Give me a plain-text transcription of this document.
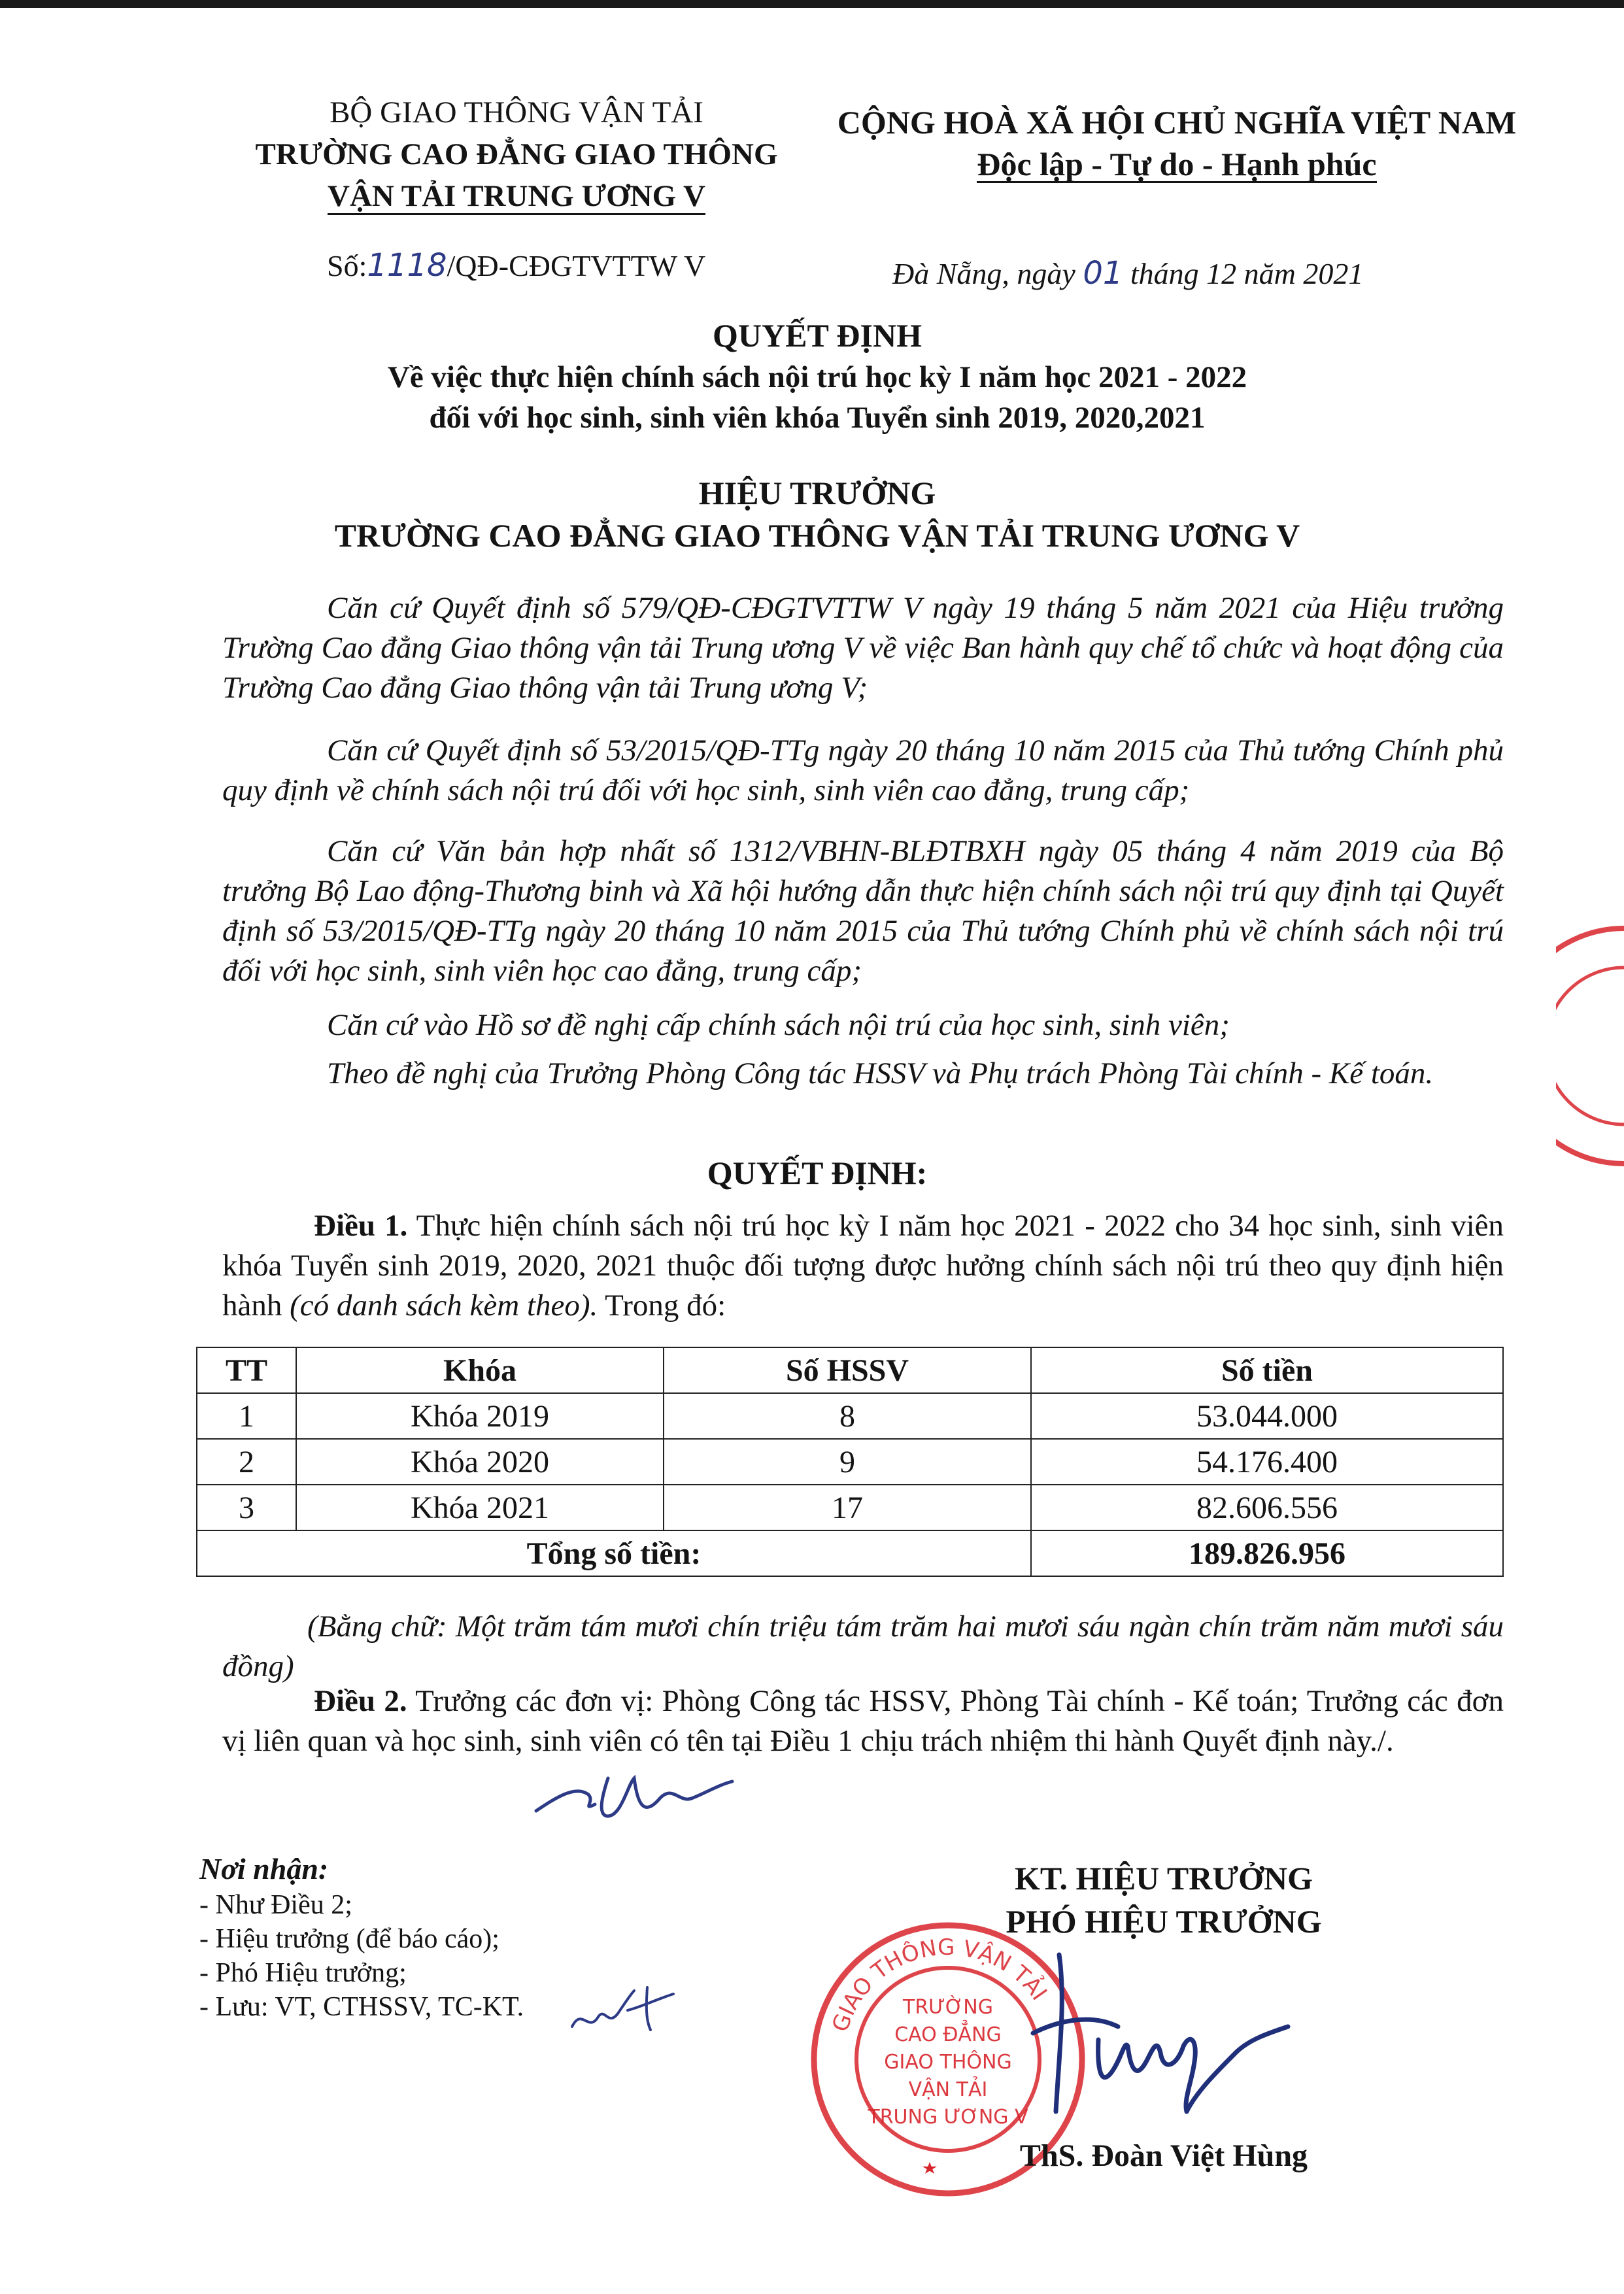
BỘ GIAO THÔNG VẬN TẢI
TRƯỜNG CAO ĐẲNG GIAO THÔNG
VẬN TẢI TRUNG ƯƠNG V
CỘNG HOÀ XÃ HỘI CHỦ NGHĨA VIỆT NAM
Độc lập - Tự do - Hạnh phúc
Số:1118/QĐ-CĐGTVTTW V	Đà Nẵng, ngày 01 tháng 12 năm 2021
QUYẾT ĐỊNH
Về việc thực hiện chính sách nội trú học kỳ I năm học 2021 - 2022
đối với học sinh, sinh viên khóa Tuyển sinh 2019, 2020,2021
HIỆU TRƯỞNG
TRƯỜNG CAO ĐẲNG GIAO THÔNG VẬN TẢI TRUNG ƯƠNG V
Căn cứ Quyết định số 579/QĐ-CĐGTVTTW V ngày 19 tháng 5 năm 2021 của Hiệu trưởng Trường Cao đẳng Giao thông vận tải Trung ương V về việc Ban hành quy chế tổ chức và hoạt động của Trường Cao đẳng Giao thông vận tải Trung ương V;
Căn cứ Quyết định số 53/2015/QĐ-TTg ngày 20 tháng 10 năm 2015 của Thủ tướng Chính phủ quy định về chính sách nội trú đối với học sinh, sinh viên cao đẳng, trung cấp;
Căn cứ Văn bản hợp nhất số 1312/VBHN-BLĐTBXH ngày 05 tháng 4 năm 2019 của Bộ trưởng Bộ Lao động-Thương binh và Xã hội hướng dẫn thực hiện chính sách nội trú quy định tại Quyết định số 53/2015/QĐ-TTg ngày 20 tháng 10 năm 2015 của Thủ tướng Chính phủ về chính sách nội trú đối với học sinh, sinh viên học cao đẳng, trung cấp;
Căn cứ vào Hồ sơ đề nghị cấp chính sách nội trú của học sinh, sinh viên;
Theo đề nghị của Trưởng Phòng Công tác HSSV và Phụ trách Phòng Tài chính - Kế toán.
QUYẾT ĐỊNH:
Điều 1. Thực hiện chính sách nội trú học kỳ I năm học 2021 - 2022 cho 34 học sinh, sinh viên khóa Tuyển sinh 2019, 2020, 2021 thuộc đối tượng được hưởng chính sách nội trú theo quy định hiện hành (có danh sách kèm theo). Trong đó:
TT	Khóa	Số HSSV	Số tiền
1	Khóa 2019	8	53.044.000
2	Khóa 2020	9	54.176.400
3	Khóa 2021	17	82.606.556
Tổng số tiền:			189.826.956
(Bằng chữ: Một trăm tám mươi chín triệu tám trăm hai mươi sáu ngàn chín trăm năm mươi sáu đồng)
Điều 2. Trưởng các đơn vị: Phòng Công tác HSSV, Phòng Tài chính - Kế toán; Trưởng các đơn vị liên quan và học sinh, sinh viên có tên tại Điều 1 chịu trách nhiệm thi hành Quyết định này./.
Nơi nhận:
- Như Điều 2;
- Hiệu trưởng (để báo cáo);
- Phó Hiệu trưởng;
- Lưu: VT, CTHSSV, TC-KT.
KT. HIỆU TRƯỞNG
PHÓ HIỆU TRƯỞNG
GIAO THÔNG VẬN TẢI
TRƯỜNG
CAO ĐẲNG
GIAO THÔNG
VẬN TẢI
TRUNG ƯƠNG V
ThS. Đoàn Việt Hùng
